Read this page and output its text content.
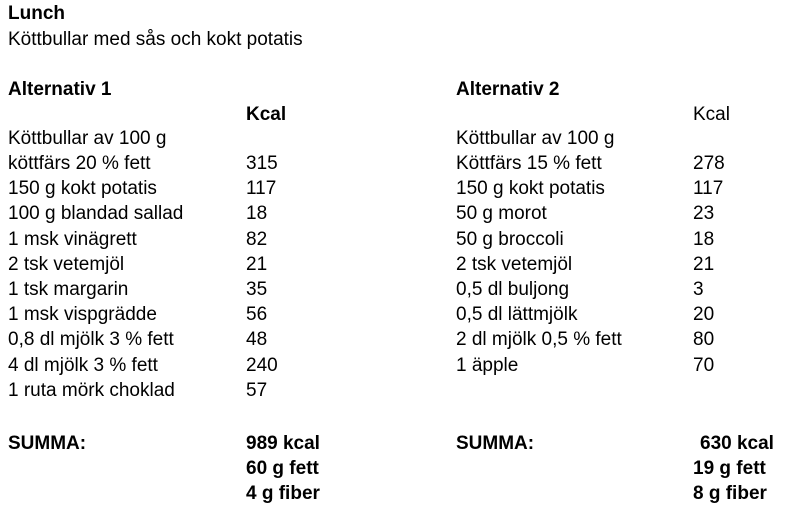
Lunch
Köttbullar med sås och kokt potatis
Alternativ 1
Kcal
Köttbullar av 100 g
köttfärs 20 % fett	315
150 g kokt potatis	117
100 g blandad sallad	18
1 msk vinägrett	82
2 tsk vetemjöl	21
1 tsk margarin	35
1 msk vispgrädde	56
0,8 dl mjölk 3 % fett	48
4 dl mjölk 3 % fett	240
1 ruta mörk choklad	57
SUMMA:	989 kcal
60 g fett
4 g fiber
Alternativ 2
Kcal
Köttbullar av 100 g
Köttfärs 15 % fett	278
150 g kokt potatis	117
50 g morot	23
50 g broccoli	18
2 tsk vetemjöl	21
0,5 dl buljong	3
0,5 dl lättmjölk	20
2 dl mjölk 0,5 % fett	80
1 äpple	70
SUMMA:	630 kcal
19 g fett
8 g fiber
